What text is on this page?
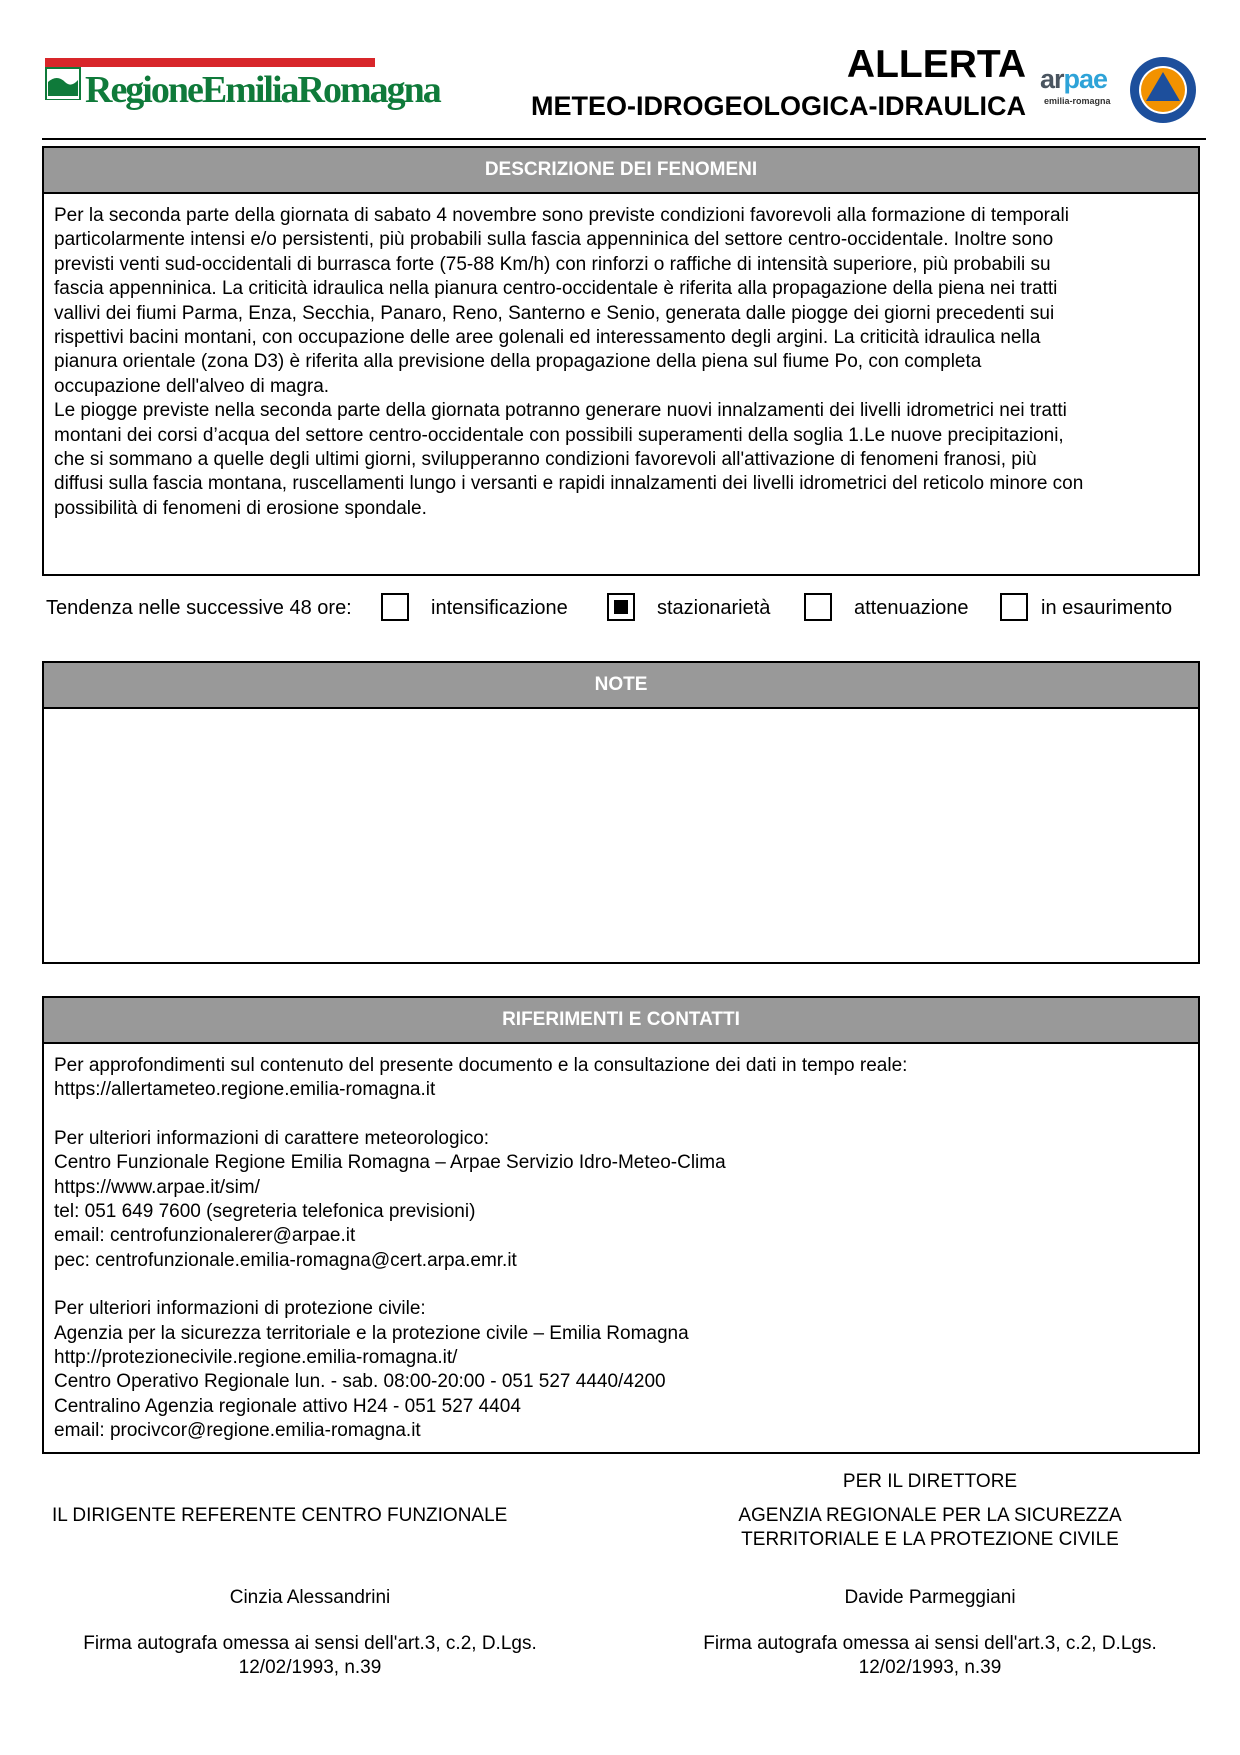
RegioneEmiliaRomagna
ALLERTA
METEO-IDROGEOLOGICA-IDRAULICA
arpae
emilia-romagna
DESCRIZIONE DEI FENOMENI

Per la seconda parte della giornata di sabato 4 novembre sono previste condizioni favorevoli alla formazione di temporali
particolarmente intensi e/o persistenti, più probabili sulla fascia appenninica del settore centro-occidentale. Inoltre sono
previsti venti sud-occidentali di burrasca forte (75-88 Km/h) con rinforzi o raffiche di intensità superiore, più probabili su
fascia appenninica. La criticità idraulica nella pianura centro-occidentale è riferita alla propagazione della piena nei tratti
vallivi dei fiumi Parma, Enza, Secchia, Panaro, Reno, Santerno e Senio, generata dalle piogge dei giorni precedenti sui
rispettivi bacini montani, con occupazione delle aree golenali ed interessamento degli argini. La criticità idraulica nella
pianura orientale (zona D3) è riferita alla previsione della propagazione della piena sul fiume Po, con completa
occupazione dell'alveo di magra.

Le piogge previste nella seconda parte della giornata potranno generare nuovi innalzamenti dei livelli idrometrici nei tratti
montani dei corsi d’acqua del settore centro-occidentale con possibili superamenti della soglia 1.Le nuove precipitazioni,
che si sommano a quelle degli ultimi giorni, svilupperanno condizioni favorevoli all'attivazione di fenomeni franosi, più
diffusi sulla fascia montana, ruscellamenti lungo i versanti e rapidi innalzamenti dei livelli idrometrici del reticolo minore con
possibilità di fenomeni di erosione spondale.

Tendenza nelle successive 48 ore:	intensificazione	stazionarietà	attenuazione	in esaurimento
NOTE
RIFERIMENTI E CONTATTI

Per approfondimenti sul contenuto del presente documento e la consultazione dei dati in tempo reale:
https://allertameteo.regione.emilia-romagna.it

Per ulteriori informazioni di carattere meteorologico:
Centro Funzionale Regione Emilia Romagna – Arpae Servizio Idro-Meteo-Clima
https://www.arpae.it/sim/
tel: 051 649 7600 (segreteria telefonica previsioni)
email: centrofunzionalerer@arpae.it
pec: centrofunzionale.emilia-romagna@cert.arpa.emr.it

Per ulteriori informazioni di protezione civile:
Agenzia per la sicurezza territoriale e la protezione civile – Emilia Romagna
http://protezionecivile.regione.emilia-romagna.it/
Centro Operativo Regionale lun. - sab. 08:00-20:00 - 051 527 4440/4200
Centralino Agenzia regionale attivo H24 - 051 527 4404
email: procivcor@regione.emilia-romagna.it

IL DIRIGENTE REFERENTE CENTRO FUNZIONALE
Cinzia Alessandrini
Firma autografa omessa ai sensi dell'art.3, c.2, D.Lgs.
12/02/1993, n.39
PER IL DIRETTORE
AGENZIA REGIONALE PER LA SICUREZZA
TERRITORIALE E LA PROTEZIONE CIVILE
Davide Parmeggiani
Firma autografa omessa ai sensi dell'art.3, c.2, D.Lgs.
12/02/1993, n.39
